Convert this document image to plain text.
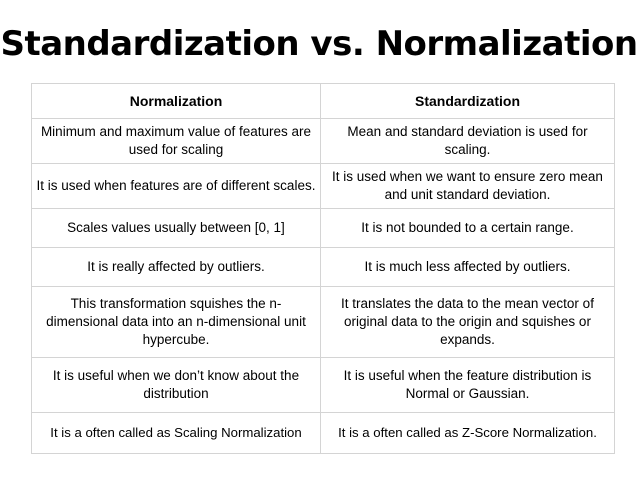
Standardization vs. Normalization
Normalization	Standardization
Minimum and maximum value of features are used for scaling	Mean and standard deviation is used for scaling.
It is used when features are of different scales.	It is used when we want to ensure zero mean and unit standard deviation.
Scales values usually between [0, 1]	It is not bounded to a certain range.
It is really affected by outliers.	It is much less affected by outliers.
This transformation squishes the n-dimensional data into an n-dimensional unit hypercube.	It translates the data to the mean vector of original data to the origin and squishes or expands.
It is useful when we don’t know about the distribution	It is useful when the feature distribution is Normal or Gaussian.
It is a often called as Scaling Normalization	It is a often called as Z-Score Normalization.
